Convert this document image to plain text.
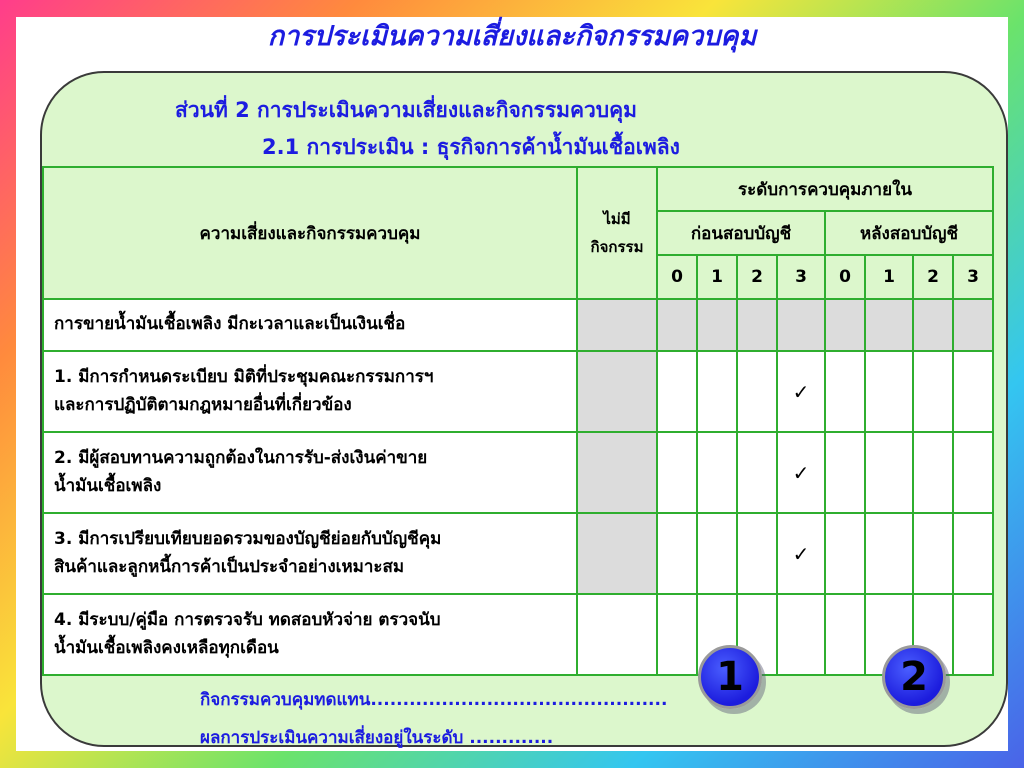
การประเมินความเสี่ยงและกิจกรรมควบคุม
ส่วนที่ 2 การประเมินความเสี่ยงและกิจกรรมควบคุม
2.1 การประเมิน : ธุรกิจการค้าน้ำมันเชื้อเพลิง
ความเสี่ยงและกิจกรรมควบคุม	ไม่มี
กิจกรรม	ระดับการควบคุมภายใน							
		ก่อนสอบบัญชี				หลังสอบบัญชี			
		0	1	2	3	0	1	2	3
การขายน้ำมันเชื้อเพลิง มีกะเวลาและเป็นเงินเชื่อ									

1. มีการกำหนดระเบียบ มิติที่ประชุมคณะกรรมการฯ
และการปฏิบัติตามกฎหมายอื่นที่เกี่ยวข้อง					✓				

2. มีผู้สอบทานความถูกต้องในการรับ-ส่งเงินค่าขาย
น้ำมันเชื้อเพลิง					✓				

3. มีการเปรียบเทียบยอดรวมของบัญชีย่อยกับบัญชีคุม
สินค้าและลูกหนี้การค้าเป็นประจำอย่างเหมาะสม					✓				

4. มีระบบ/คู่มือ การตรวจรับ ทดสอบหัวจ่าย ตรวจนับ
น้ำมันเชื้อเพลิงคงเหลือทุกเดือน									

1	2
กิจกรรมควบคุมทดแทน..............................................
ผลการประเมินความเสี่ยงอยู่ในระดับ .............
